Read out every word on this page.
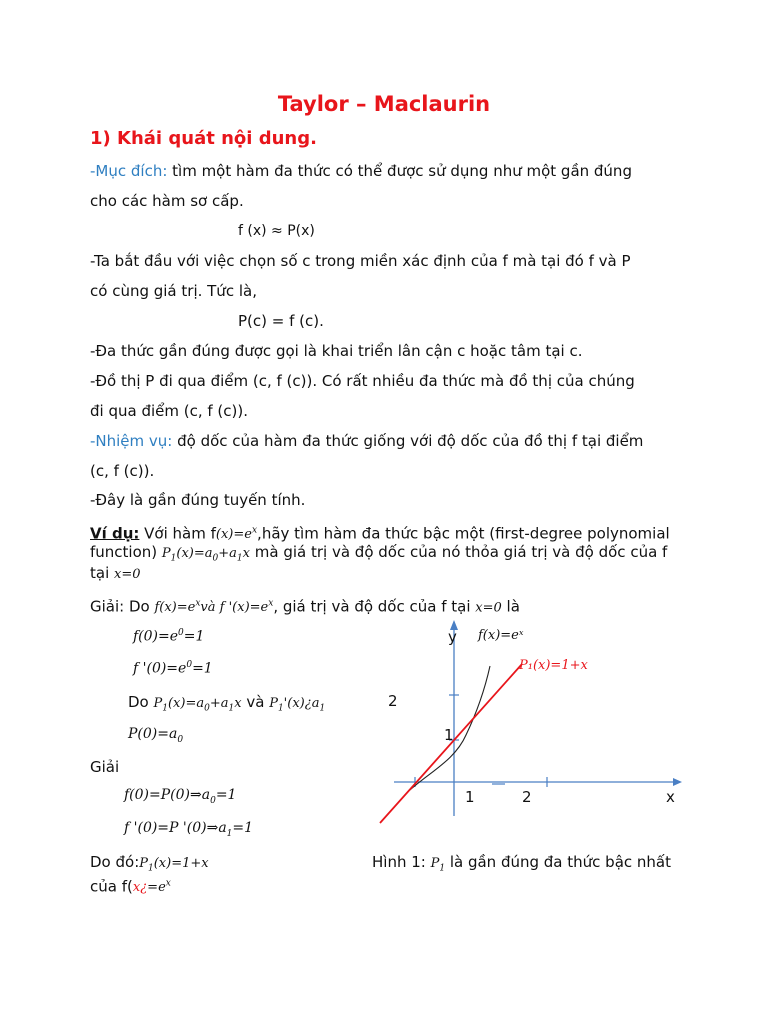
Taylor – Maclaurin
1) Khái quát nội dung.
-Mục đích: tìm một hàm đa thức có thể được sử dụng như một gần đúng
cho các hàm sơ cấp.
f (x) ≈ P(x)
-Ta bắt đầu với việc chọn số c trong miền xác định của f mà tại đó f và P
có cùng giá trị. Tức là,
P(c) = f (c).
-Đa thức gần đúng được gọi là khai triển lân cận c hoặc tâm tại c.
-Đồ thị P đi qua điểm (c, f (c)). Có rất nhiều đa thức mà đồ thị của chúng
đi qua điểm (c, f (c)).
-Nhiệm vụ: độ dốc của hàm đa thức giống với độ dốc của đồ thị f tại điểm
(c, f (c)).
-Đây là gần đúng tuyến tính.
Ví dụ: Với hàm $f(x)=e^x,hãy$ tìm hàm đa thức bậc một (first-degree polynomial
function) $P_1(x)=a_0+a_1x$ mà giá trị và độ dốc của nó thỏa giá trị và độ dốc của f
tại x=0
Giải: Do $f(x)=e^xvà$ f '$(x)=e^x$, giá trị và độ dốc của f tại x=0 là
$f(0)=e^0=1$
f '$(0)=e^0=1$
Do $P_1(x)=a_0+a_1x$ và $P_1'(x)¿a_1$
$P(0)=a_0$
Giải
$f(0)=P(0)\Rightarrow a_0=1$
f '(0)=P '$(0)\Rightarrow a_1=1$
Do $đó:P_1(x)=1+x$
của $f(x¿=e^x$
Hình 1: $P_1$ là gần đúng đa thức bậc nhất
y
x
1	2
1
2
f(x)=eˣ
P₁(x)=1+x
